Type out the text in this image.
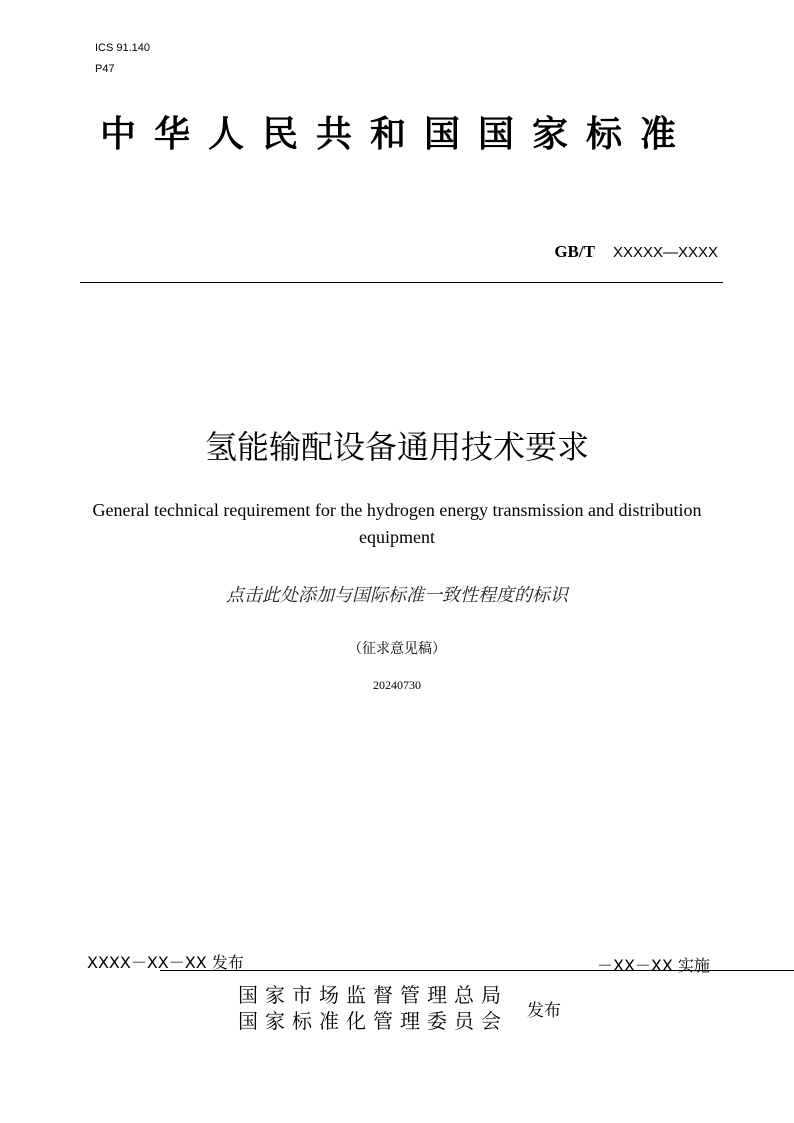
ICS 91.140
P47
中华人民共和国国家标准
GB/T XXXXX—XXXX
氢能输配设备通用技术要求
General technical requirement for the hydrogen energy transmission and distribution equipment
点击此处添加与国际标准一致性程度的标识
（征求意见稿）
20240730
XXXX－XX－XX 发布	－XX－XX 实施
国家市场监督管理总局
国家标准化管理委员会 发布
